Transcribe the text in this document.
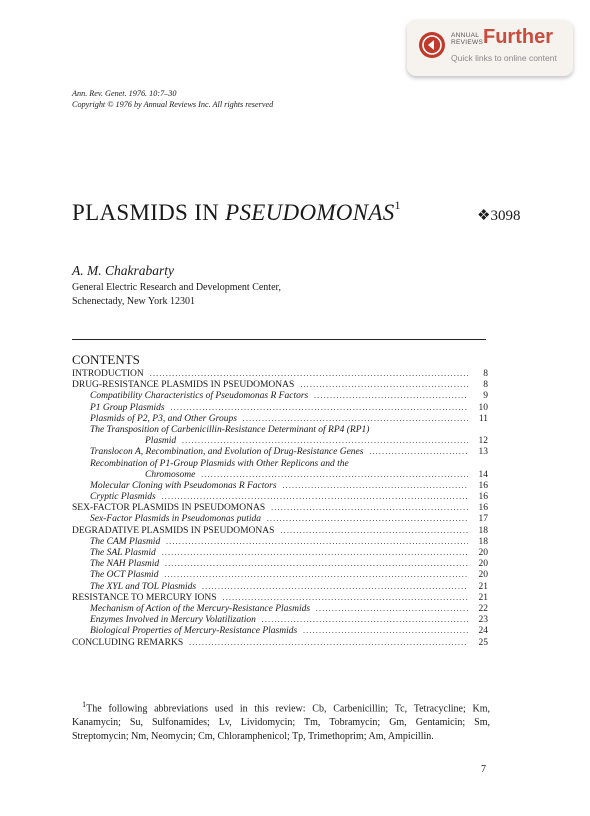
ANNUAL
REVIEWS Further
Quick links to online content
Ann. Rev. Genet. 1976. 10:7–30
Copyright © 1976 by Annual Reviews Inc. All rights reserved
PLASMIDS IN PSEUDOMONAS$^1$
❖3098
A. M. Chakrabarty
General Electric Research and Development Center,
Schenectady, New York 12301
CONTENTS
INTRODUCTION .....	8
DRUG-RESISTANCE PLASMIDS IN PSEUDOMONAS .....	8
Compatibility Characteristics of Pseudomonas R Factors .....	9
P1 Group Plasmids .....	10
Plasmids of P2, P3, and Other Groups .....	11
The Transposition of Carbenicillin-Resistance Determinant of RP4 (RP1)
Plasmid .....	12
Translocon A, Recombination, and Evolution of Drug-Resistance Genes .....	13
Recombination of P1-Group Plasmids with Other Replicons and the
Chromosome .....	14
Molecular Cloning with Pseudomonas R Factors .....	16
Cryptic Plasmids .....	16
SEX-FACTOR PLASMIDS IN PSEUDOMONAS .....	16
Sex-Factor Plasmids in Pseudomonas putida .....	17
DEGRADATIVE PLASMIDS IN PSEUDOMONAS .....	18
The CAM Plasmid .....	18
The SAL Plasmid .....	20
The NAH Plasmid .....	20
The OCT Plasmid .....	20
The XYL and TOL Plasmids .....	21
RESISTANCE TO MERCURY IONS .....	21
Mechanism of Action of the Mercury-Resistance Plasmids .....	22
Enzymes Involved in Mercury Volatilization .....	23
Biological Properties of Mercury-Resistance Plasmids .....	24
CONCLUDING REMARKS .....	25
$^1$The following abbreviations used in this review: Cb, Carbenicillin; Tc, Tetracycline; Km, Kanamycin; Su, Sulfonamides; Lv, Lividomycin; Tm, Tobramycin; Gm, Gentamicin; Sm, Streptomycin; Nm, Neomycin; Cm, Chloramphenicol; Tp, Trimethoprim; Am, Ampicillin.
7
